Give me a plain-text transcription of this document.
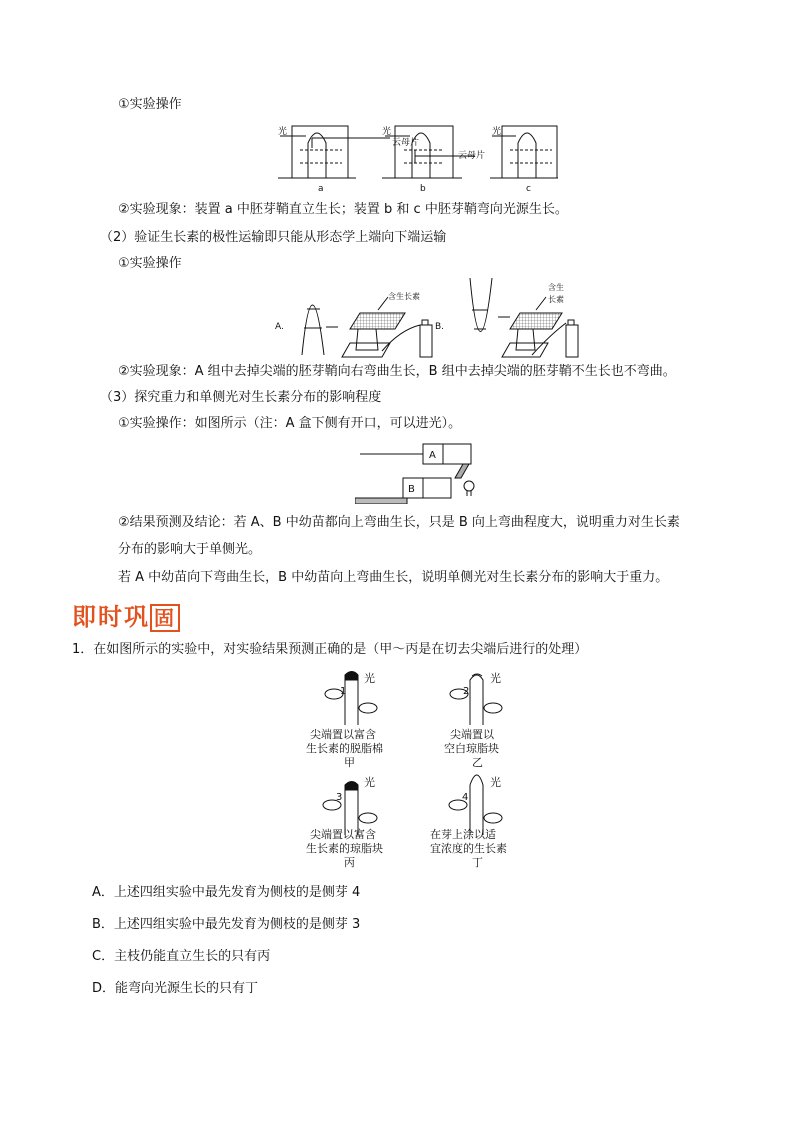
①实验操作
光
云母片
光
云母片
光
a	b	c
②实验现象：装置 a 中胚芽鞘直立生长；装置 b 和 c 中胚芽鞘弯向光源生长。
（2）验证生长素的极性运输即只能从形态学上端向下端运输
①实验操作
A.
含生长素
B.
含生
长素
②实验现象：A 组中去掉尖端的胚芽鞘向右弯曲生长，B 组中去掉尖端的胚芽鞘不生长也不弯曲。
（3）探究重力和单侧光对生长素分布的影响程度
①实验操作：如图所示（注：A 盒下侧有开口，可以进光）。
A
B
②结果预测及结论：若 A、B 中幼苗都向上弯曲生长，只是 B 向上弯曲程度大，说明重力对生长素
分布的影响大于单侧光。
若 A 中幼苗向下弯曲生长，B 中幼苗向上弯曲生长，说明单侧光对生长素分布的影响大于重力。
即时巩 固
1．在如图所示的实验中，对实验结果预测正确的是（甲～丙是在切去尖端后进行的处理）
1
光
尖端置以富含
生长素的脱脂棉
甲
2
光
尖端置以
空白琼脂块
乙
3
光
尖端置以富含
生长素的琼脂块
丙
4
光
在芽上涂以适
宜浓度的生长素
丁
A．上述四组实验中最先发育为侧枝的是侧芽 4
B．上述四组实验中最先发育为侧枝的是侧芽 3
C．主枝仍能直立生长的只有丙
D．能弯向光源生长的只有丁
